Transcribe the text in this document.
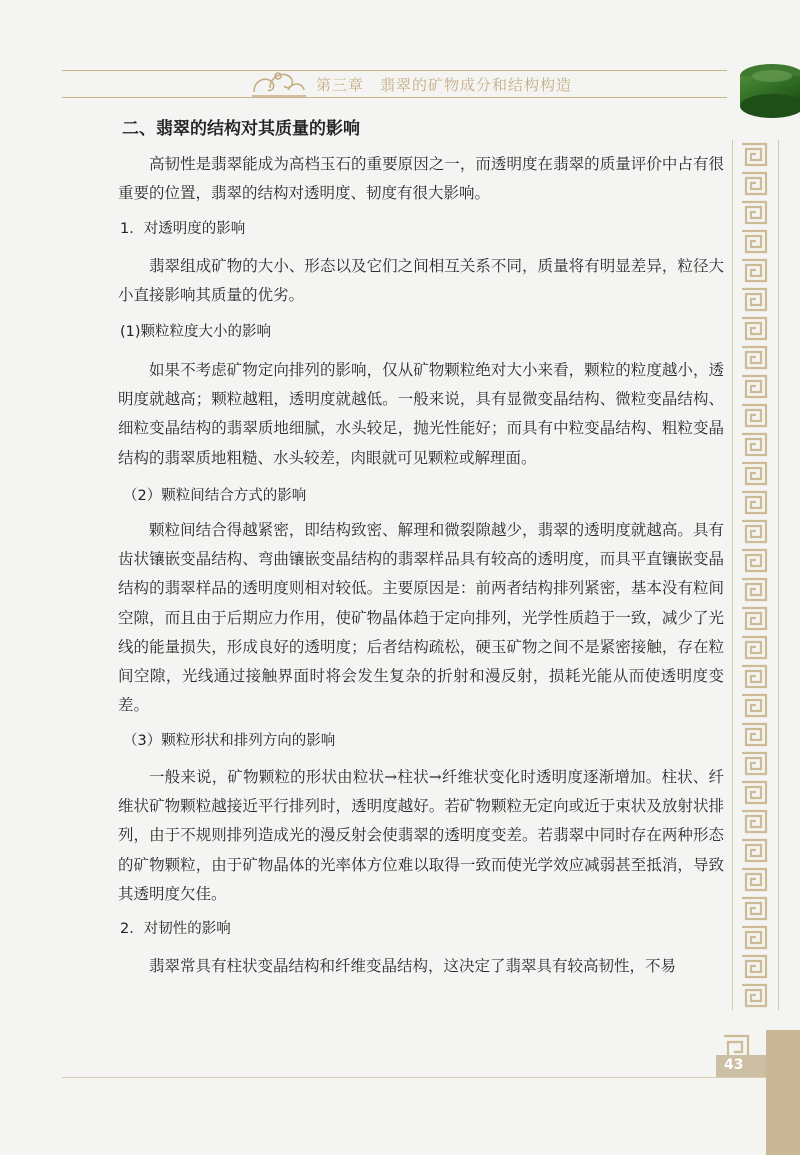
第三章　翡翠的矿物成分和结构构造
43
二、翡翠的结构对其质量的影响
高韧性是翡翠能成为高档玉石的重要原因之一，而透明度在翡翠的质量评价中占有很重要的位置，翡翠的结构对透明度、韧度有很大影响。
1．对透明度的影响
翡翠组成矿物的大小、形态以及它们之间相互关系不同，质量将有明显差异，粒径大小直接影响其质量的优劣。
(1)颗粒粒度大小的影响
如果不考虑矿物定向排列的影响，仅从矿物颗粒绝对大小来看，颗粒的粒度越小，透明度就越高；颗粒越粗，透明度就越低。一般来说，具有显微变晶结构、微粒变晶结构、细粒变晶结构的翡翠质地细腻，水头较足，抛光性能好；而具有中粒变晶结构、粗粒变晶结构的翡翠质地粗糙、水头较差，肉眼就可见颗粒或解理面。
（2）颗粒间结合方式的影响
颗粒间结合得越紧密，即结构致密、解理和微裂隙越少，翡翠的透明度就越高。具有齿状镶嵌变晶结构、弯曲镶嵌变晶结构的翡翠样品具有较高的透明度，而具平直镶嵌变晶结构的翡翠样品的透明度则相对较低。主要原因是：前两者结构排列紧密，基本没有粒间空隙，而且由于后期应力作用，使矿物晶体趋于定向排列，光学性质趋于一致，减少了光线的能量损失，形成良好的透明度；后者结构疏松，硬玉矿物之间不是紧密接触，存在粒间空隙，光线通过接触界面时将会发生复杂的折射和漫反射，损耗光能从而使透明度变差。
（3）颗粒形状和排列方向的影响
一般来说，矿物颗粒的形状由粒状→柱状→纤维状变化时透明度逐渐增加。柱状、纤维状矿物颗粒越接近平行排列时，透明度越好。若矿物颗粒无定向或近于束状及放射状排列，由于不规则排列造成光的漫反射会使翡翠的透明度变差。若翡翠中同时存在两种形态的矿物颗粒，由于矿物晶体的光率体方位难以取得一致而使光学效应减弱甚至抵消，导致其透明度欠佳。
2．对韧性的影响
翡翠常具有柱状变晶结构和纤维变晶结构，这决定了翡翠具有较高韧性，不易
